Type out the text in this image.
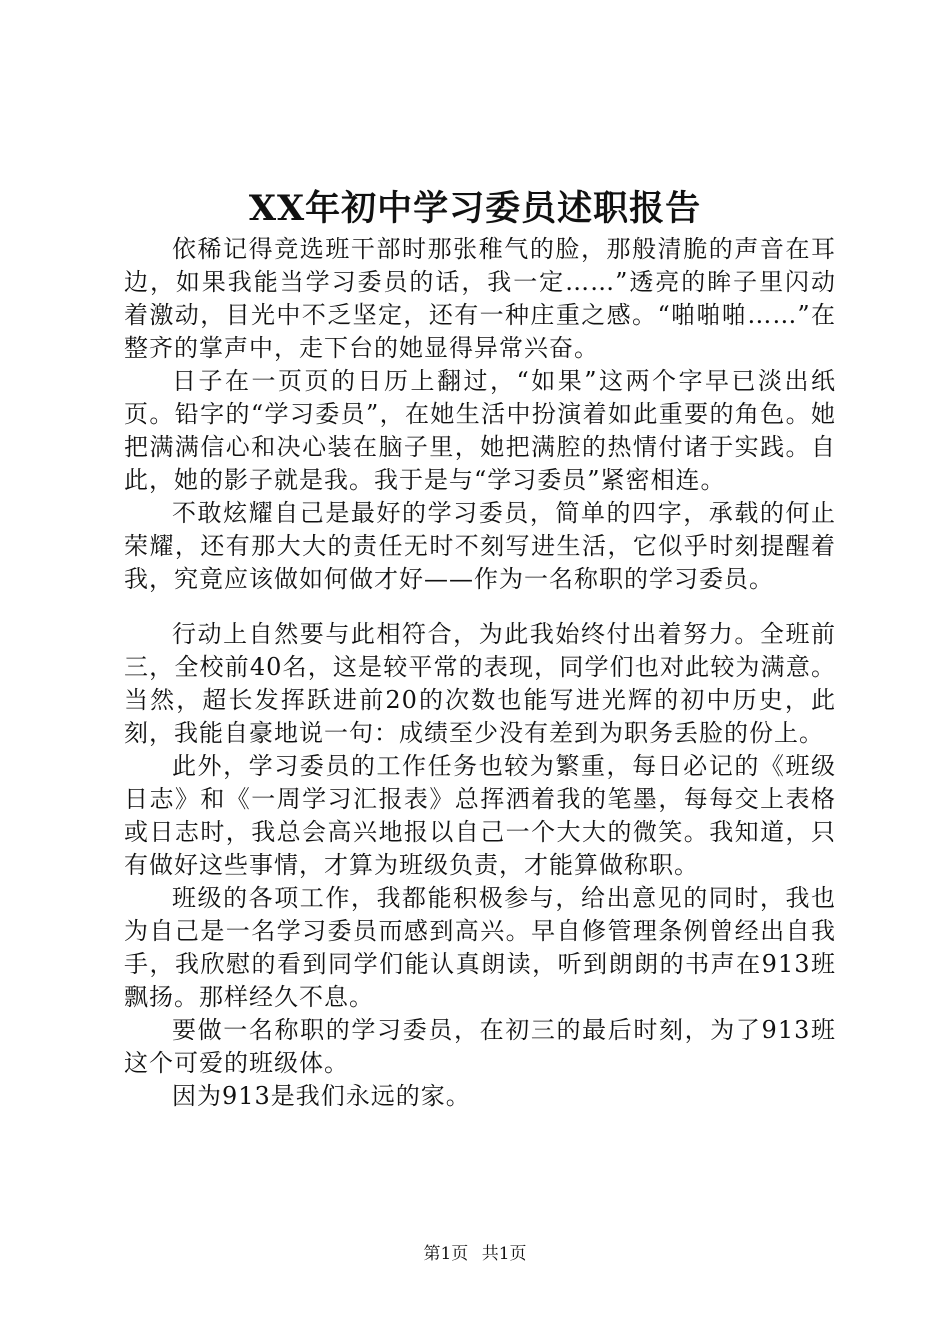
XX年初中学习委员述职报告

依稀记得竞选班干部时那张稚气的脸，那般清脆的声音在耳边，如果我能当学习委员的话，我一定……”透亮的眸子里闪动着激动，目光中不乏坚定，还有一种庄重之感。“啪啪啪……”在整齐的掌声中，走下台的她显得异常兴奋。

日子在一页页的日历上翻过，“如果”这两个字早已淡出纸页。铅字的“学习委员”，在她生活中扮演着如此重要的角色。她把满满信心和决心装在脑子里，她把满腔的热情付诸于实践。自此，她的影子就是我。我于是与“学习委员”紧密相连。

不敢炫耀自己是最好的学习委员，简单的四字，承载的何止荣耀，还有那大大的责任无时不刻写进生活，它似乎时刻提醒着我，究竟应该做如何做才好——作为一名称职的学习委员。

行动上自然要与此相符合，为此我始终付出着努力。全班前三，全校前40名，这是较平常的表现，同学们也对此较为满意。当然，超长发挥跃进前20的次数也能写进光辉的初中历史，此刻，我能自豪地说一句：成绩至少没有差到为职务丢脸的份上。

此外，学习委员的工作任务也较为繁重，每日必记的《班级日志》和《一周学习汇报表》总挥洒着我的笔墨，每每交上表格或日志时，我总会高兴地报以自己一个大大的微笑。我知道，只有做好这些事情，才算为班级负责，才能算做称职。

班级的各项工作，我都能积极参与，给出意见的同时，我也为自己是一名学习委员而感到高兴。早自修管理条例曾经出自我手，我欣慰的看到同学们能认真朗读，听到朗朗的书声在913班飘扬。那样经久不息。

要做一名称职的学习委员，在初三的最后时刻，为了913班这个可爱的班级体。

因为913是我们永远的家。

第1页 共1页
